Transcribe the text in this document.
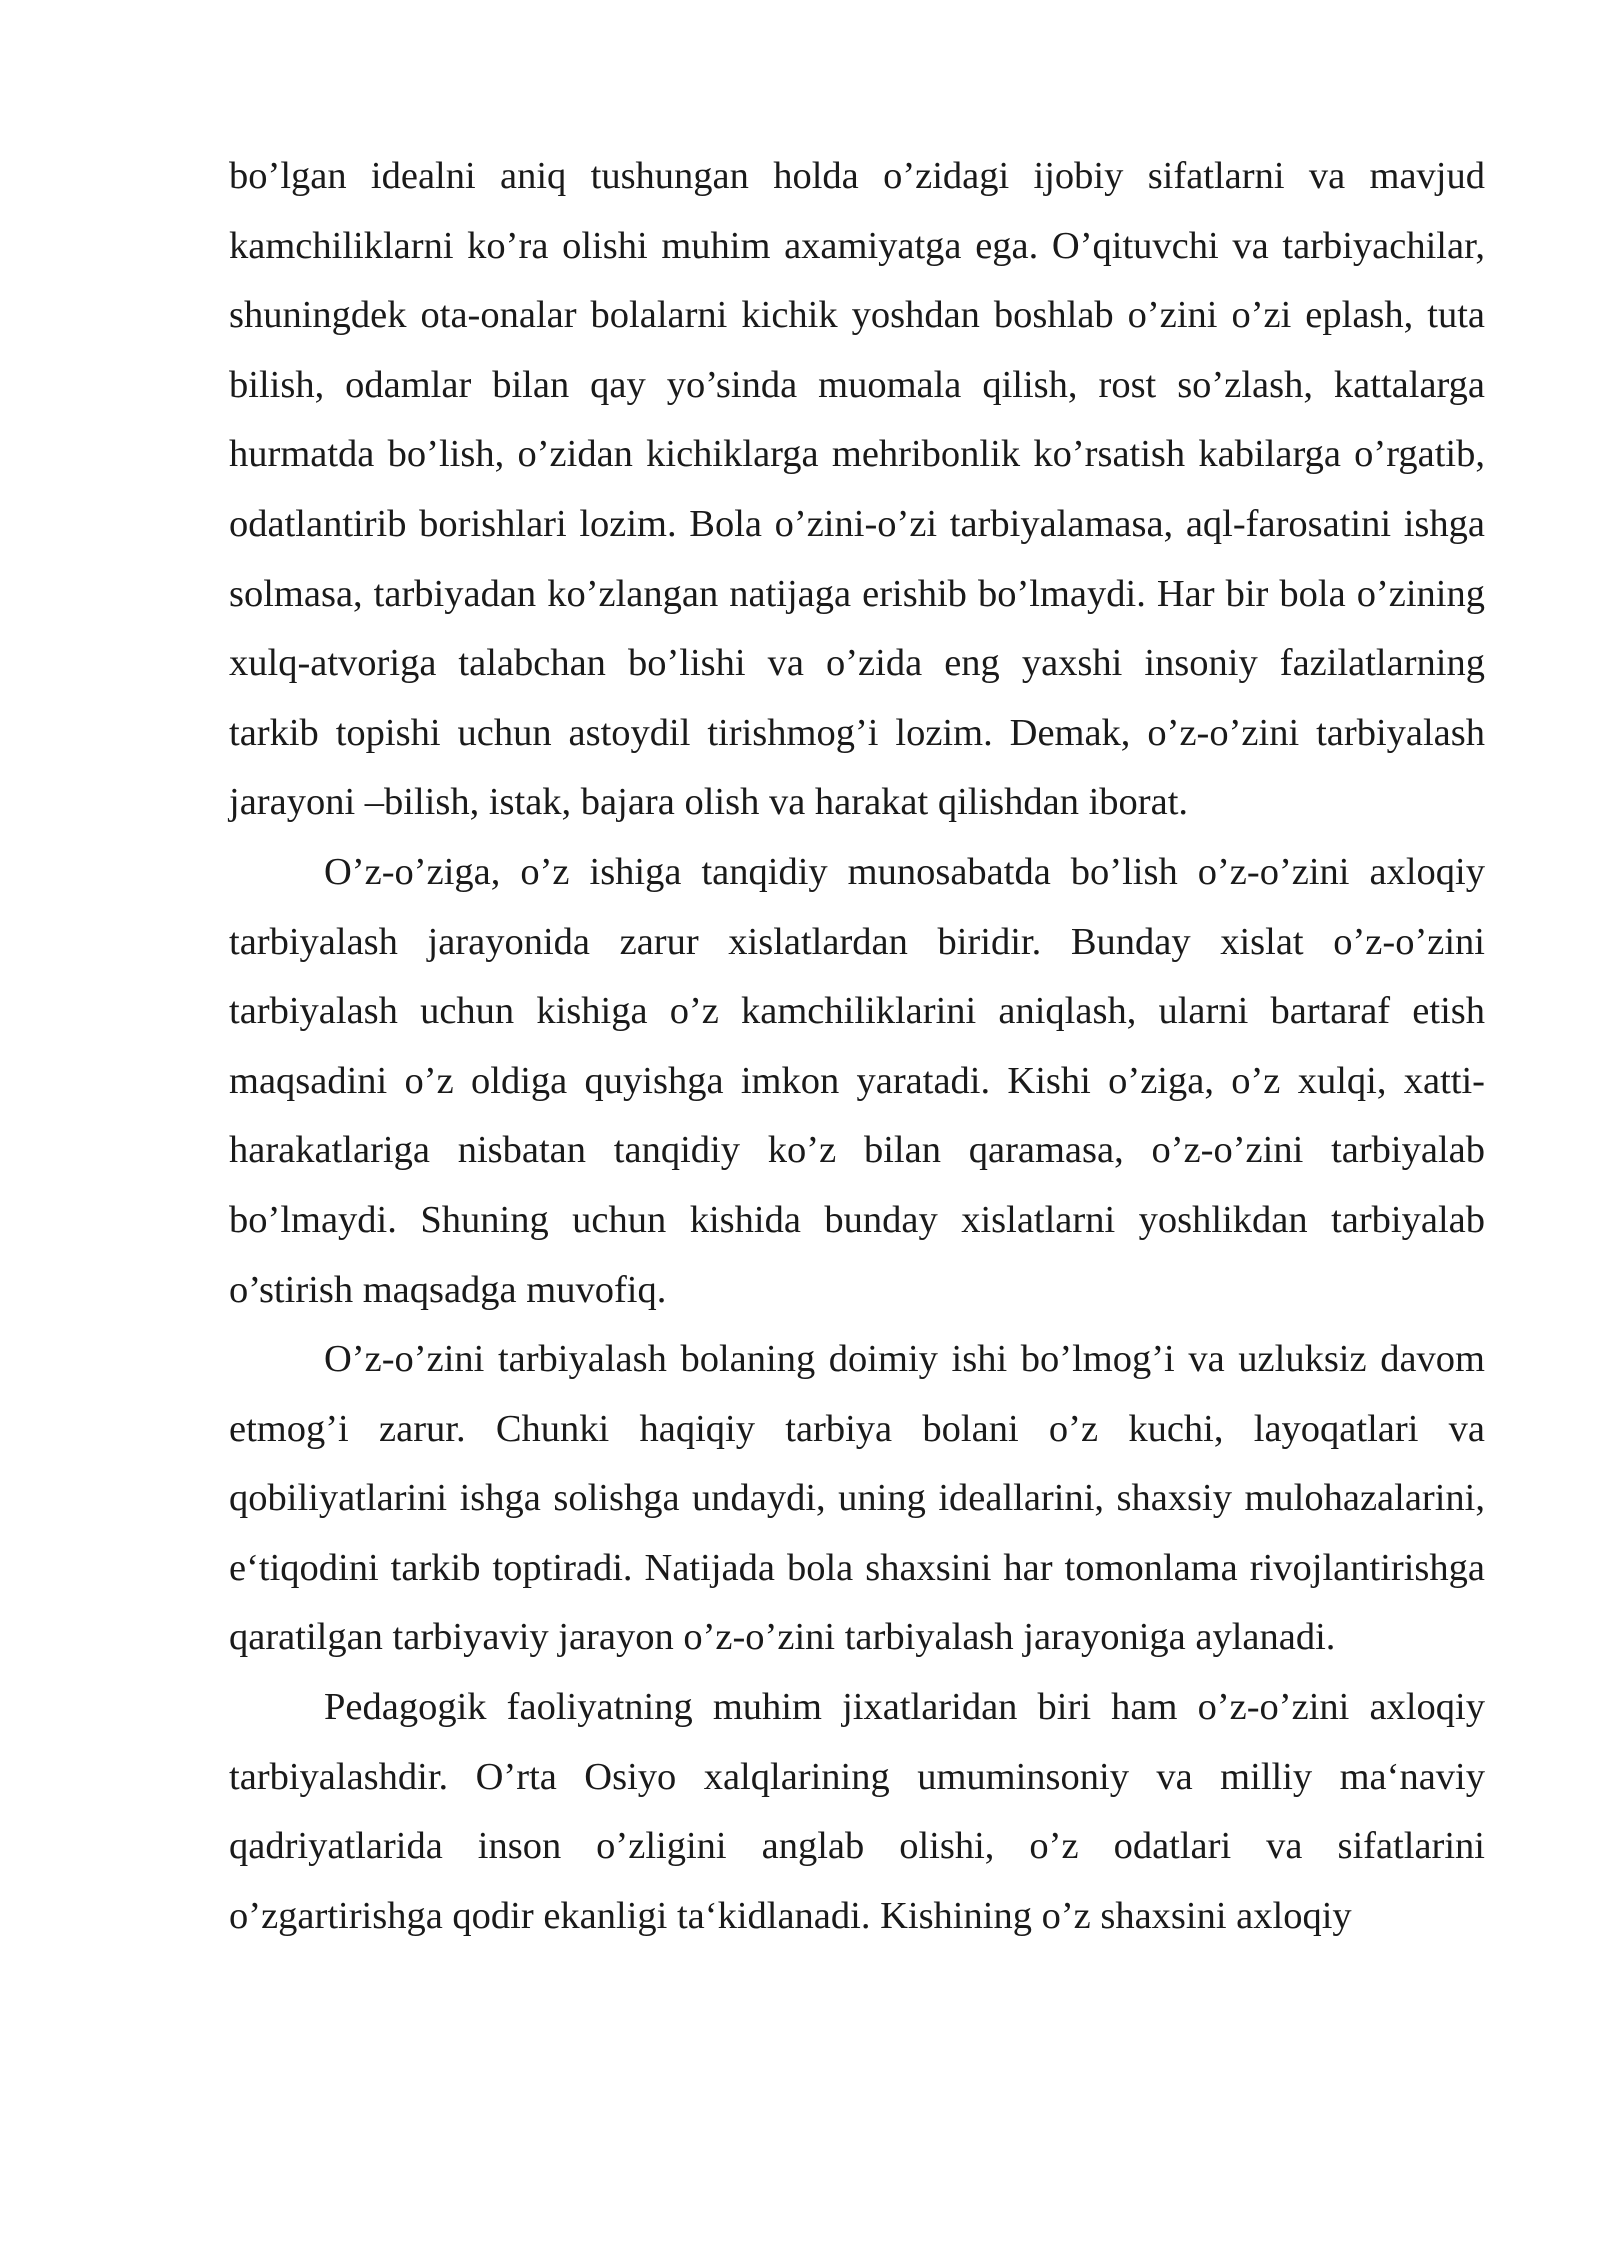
bo’lgan idealni aniq tushungan holda o’zidagi ijobiy sifatlarni va mavjud kamchiliklarni ko’ra olishi muhim axamiyatga ega. O’qituvchi va tarbiyachilar, shuningdek ota-onalar bolalarni kichik yoshdan boshlab o’zini o’zi eplash, tuta bilish, odamlar bilan qay yo’sinda muomala qilish, rost so’zlash, kattalarga hurmatda bo’lish, o’zidan kichiklarga mehribonlik ko’rsatish kabilarga o’rgatib, odatlantirib borishlari lozim. Bola o’zini-o’zi tarbiyalamasa, aql-farosatini ishga solmasa, tarbiyadan ko’zlangan natijaga erishib bo’lmaydi. Har bir bola o’zining xulq-atvoriga talabchan bo’lishi va o’zida eng yaxshi insoniy fazilatlarning tarkib topishi uchun astoydil tirishmog’i lozim. Demak, o’z-o’zini tarbiyalash jarayoni –bilish, istak, bajara olish va harakat qilishdan iborat.

O’z-o’ziga, o’z ishiga tanqidiy munosabatda bo’lish o’z-o’zini axloqiy tarbiyalash jarayonida zarur xislatlardan biridir. Bunday xislat o’z-o’zini tarbiyalash uchun kishiga o’z kamchiliklarini aniqlash, ularni bartaraf etish maqsadini o’z oldiga quyishga imkon yaratadi. Kishi o’ziga, o’z xulqi, xatti-harakatlariga nisbatan tanqidiy ko’z bilan qaramasa, o’z-o’zini tarbiyalab bo’lmaydi. Shuning uchun kishida bunday xislatlarni yoshlikdan tarbiyalab o’stirish maqsadga muvofiq.

O’z-o’zini tarbiyalash bolaning doimiy ishi bo’lmog’i va uzluksiz davom etmog’i zarur. Chunki haqiqiy tarbiya bolani o’z kuchi, layoqatlari va qobiliyatlarini ishga solishga undaydi, uning ideallarini, shaxsiy mulohazalarini, e‘tiqodini tarkib toptiradi. Natijada bola shaxsini har tomonlama rivojlantirishga qaratilgan tarbiyaviy jarayon o’z-o’zini tarbiyalash jarayoniga aylanadi.

Pedagogik faoliyatning muhim jixatlaridan biri ham o’z-o’zini axloqiy tarbiyalashdir. O’rta Osiyo xalqlarining umuminsoniy va milliy ma‘naviy qadriyatlarida inson o’zligini anglab olishi, o’z odatlari va sifatlarini o’zgartirishga qodir ekanligi ta‘kidlanadi. Kishining o’z shaxsini axloqiy
